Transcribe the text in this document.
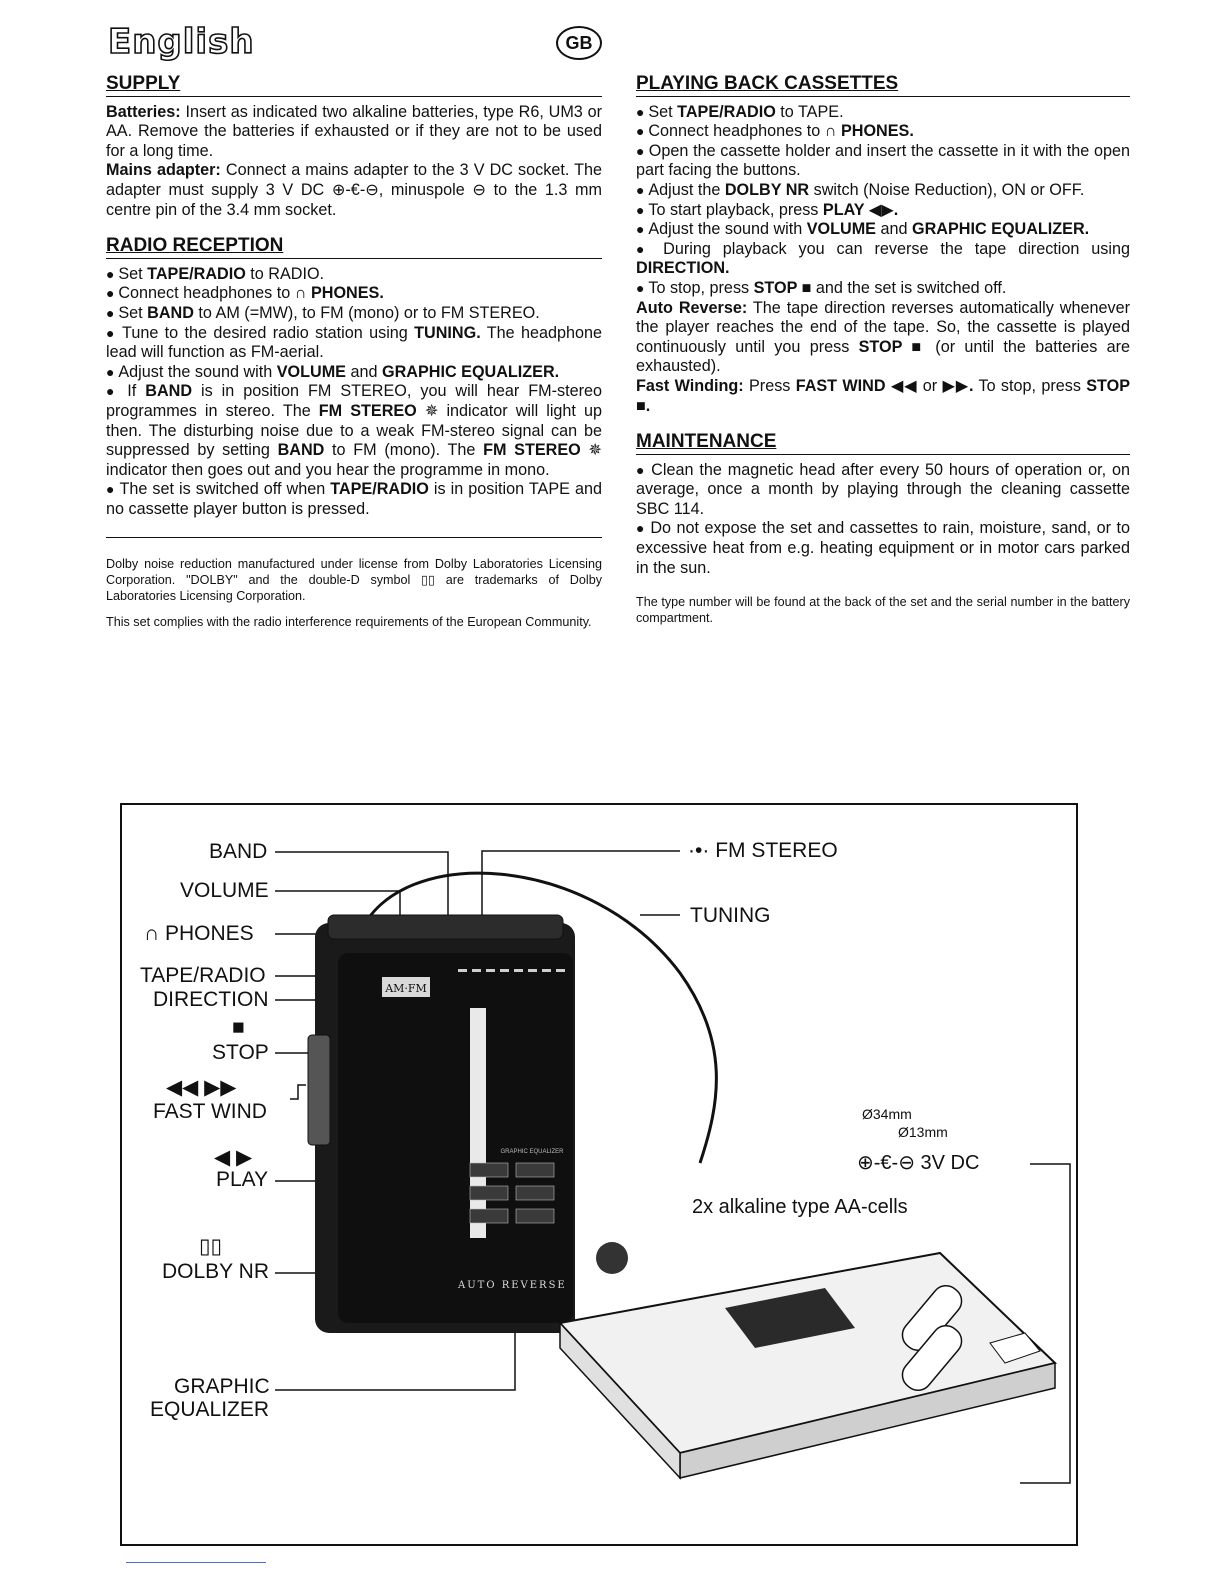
English	GB
SUPPLY

Batteries: Insert as indicated two alkaline batteries, type R6, UM3 or AA. Remove the batteries if exhausted or if they are not to be used for a long time.

Mains adapter: Connect a mains adapter to the 3 V DC socket. The adapter must supply 3 V DC ⊕-€-⊖, minuspole ⊖ to the 1.3 mm centre pin of the 3.4 mm socket.

RADIO RECEPTION

● Set TAPE/RADIO to RADIO.

● Connect headphones to ∩ PHONES.

● Set BAND to AM (=MW), to FM (mono) or to FM STEREO.

● Tune to the desired radio station using TUNING. The headphone lead will function as FM-aerial.

● Adjust the sound with VOLUME and GRAPHIC EQUALIZER.

● If BAND is in position FM STEREO, you will hear FM-stereo programmes in stereo. The FM STEREO ✵ indicator will light up then. The disturbing noise due to a weak FM-stereo signal can be suppressed by setting BAND to FM (mono). The FM STEREO ✵ indicator then goes out and you hear the programme in mono.

● The set is switched off when TAPE/RADIO is in position TAPE and no cassette player button is pressed.

Dolby noise reduction manufactured under license from Dolby Laboratories Licensing Corporation. "DOLBY" and the double-D symbol ▯▯ are trademarks of Dolby Laboratories Licensing Corporation.

This set complies with the radio interference requirements of the European Community.

PLAYING BACK CASSETTES

● Set TAPE/RADIO to TAPE.

● Connect headphones to ∩ PHONES.

● Open the cassette holder and insert the cassette in it with the open part facing the buttons.

● Adjust the DOLBY NR switch (Noise Reduction), ON or OFF.

● To start playback, press PLAY ◀▶.

● Adjust the sound with VOLUME and GRAPHIC EQUALIZER.

● During playback you can reverse the tape direction using DIRECTION.

● To stop, press STOP ■ and the set is switched off.

Auto Reverse: The tape direction reverses automatically whenever the player reaches the end of the tape. So, the cassette is played continuously until you press STOP ■ (or until the batteries are exhausted).

Fast Winding: Press FAST WIND ◀◀ or ▶▶. To stop, press STOP ■.

MAINTENANCE

● Clean the magnetic head after every 50 hours of operation or, on average, once a month by playing through the cleaning cassette SBC 114.

● Do not expose the set and cassettes to rain, moisture, sand, or to excessive heat from e.g. heating equipment or in motor cars parked in the sun.

The type number will be found at the back of the set and the serial number in the battery compartment.

AM·FM
GRAPHIC EQUALIZER
AUTO REVERSE
BAND
VOLUME
∩ PHONES
TAPE/RADIO
DIRECTION
■
STOP
◀◀ ▶▶
FAST WIND
◀ ▶
PLAY
▯▯
DOLBY NR
GRAPHIC
EQUALIZER
·•· FM STEREO
TUNING
Ø34mm
Ø13mm
⊕-€-⊖ 3V DC
2x alkaline type AA-cells
